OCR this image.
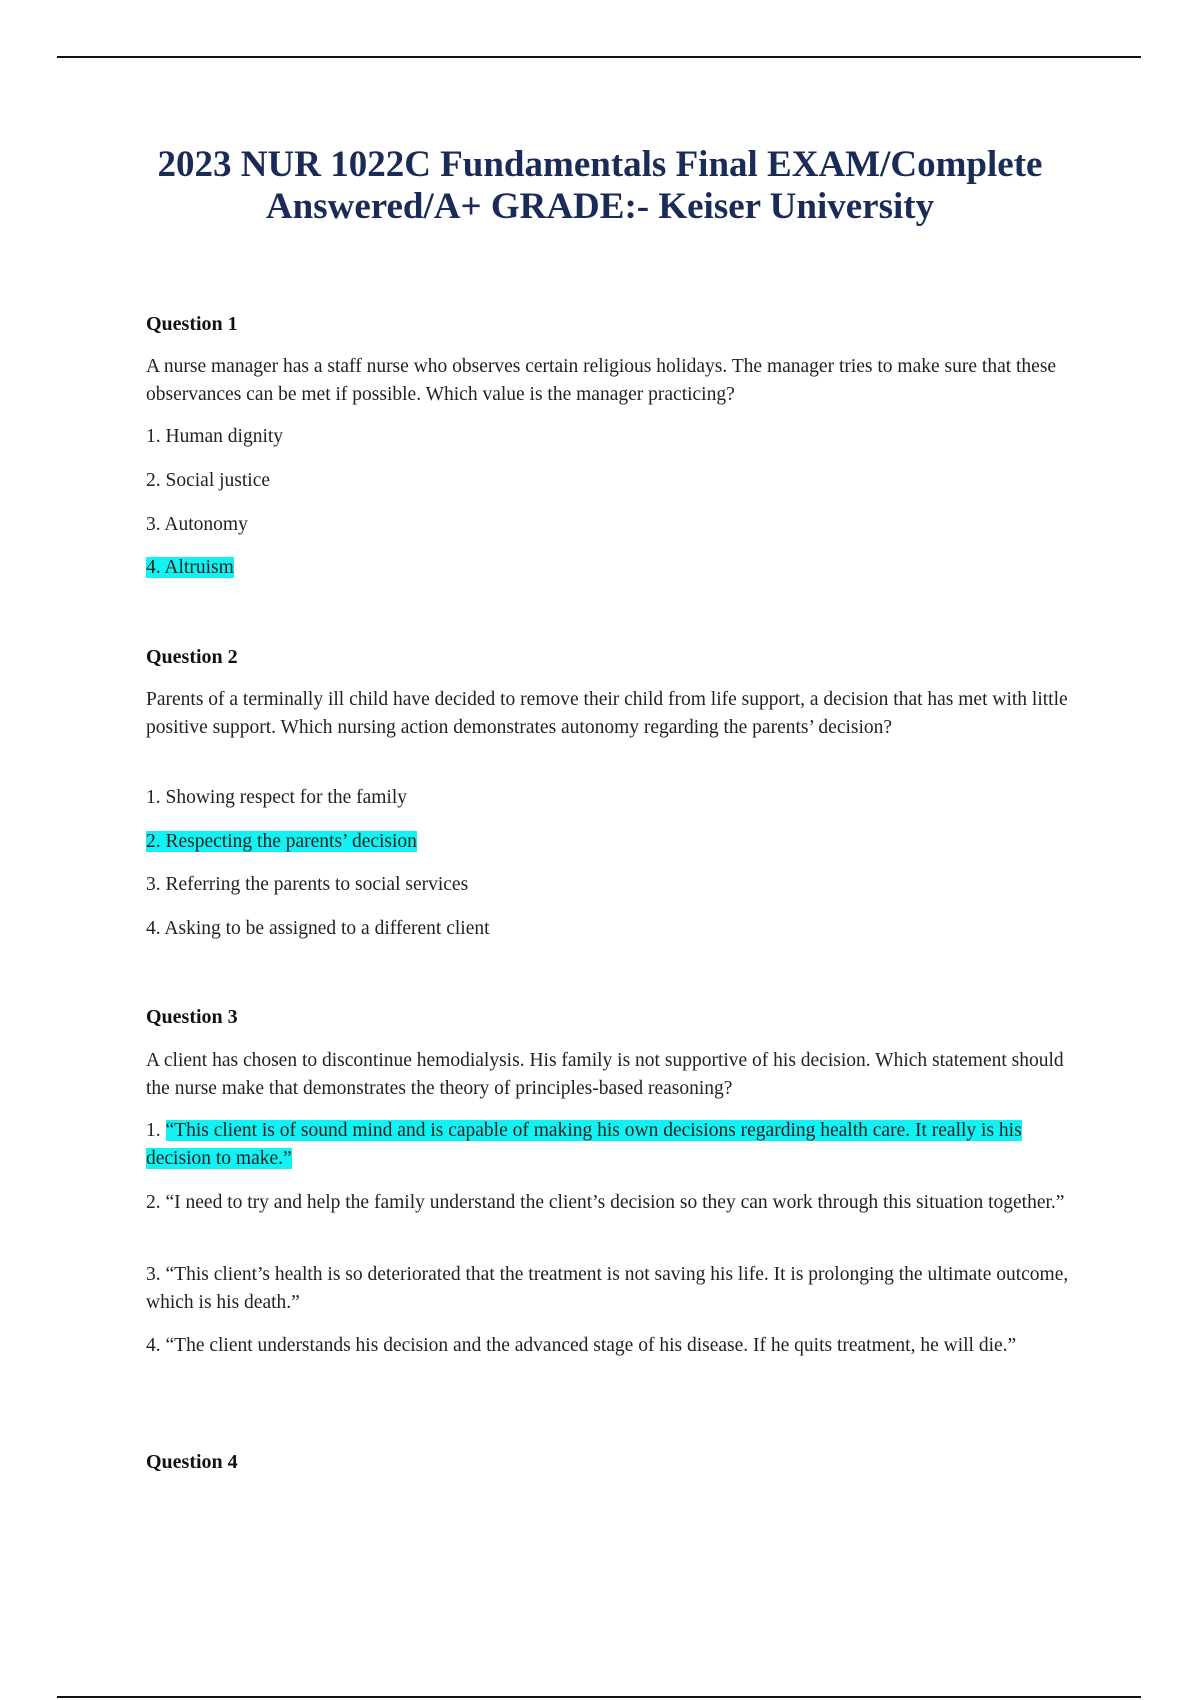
2023 NUR 1022C Fundamentals Final EXAM/Complete
Answered/A+ GRADE:- Keiser University

Question 1

A nurse manager has a staff nurse who observes certain religious holidays. The manager tries to make sure that these observances can be met if possible. Which value is the manager practicing?

1. Human dignity

2. Social justice

3. Autonomy

4. Altruism

Question 2

Parents of a terminally ill child have decided to remove their child from life support, a decision that has met with little positive support. Which nursing action demonstrates autonomy regarding the parents’ decision?

1. Showing respect for the family

2. Respecting the parents’ decision

3. Referring the parents to social services

4. Asking to be assigned to a different client

Question 3

A client has chosen to discontinue hemodialysis. His family is not supportive of his decision. Which statement should the nurse make that demonstrates the theory of principles-based reasoning?

1. “This client is of sound mind and is capable of making his own decisions regarding health care. It really is his decision to make.”

2. “I need to try and help the family understand the client’s decision so they can work through this situation together.”

3. “This client’s health is so deteriorated that the treatment is not saving his life. It is prolonging the ultimate outcome, which is his death.”

4. “The client understands his decision and the advanced stage of his disease. If he quits treatment, he will die.”

Question 4
